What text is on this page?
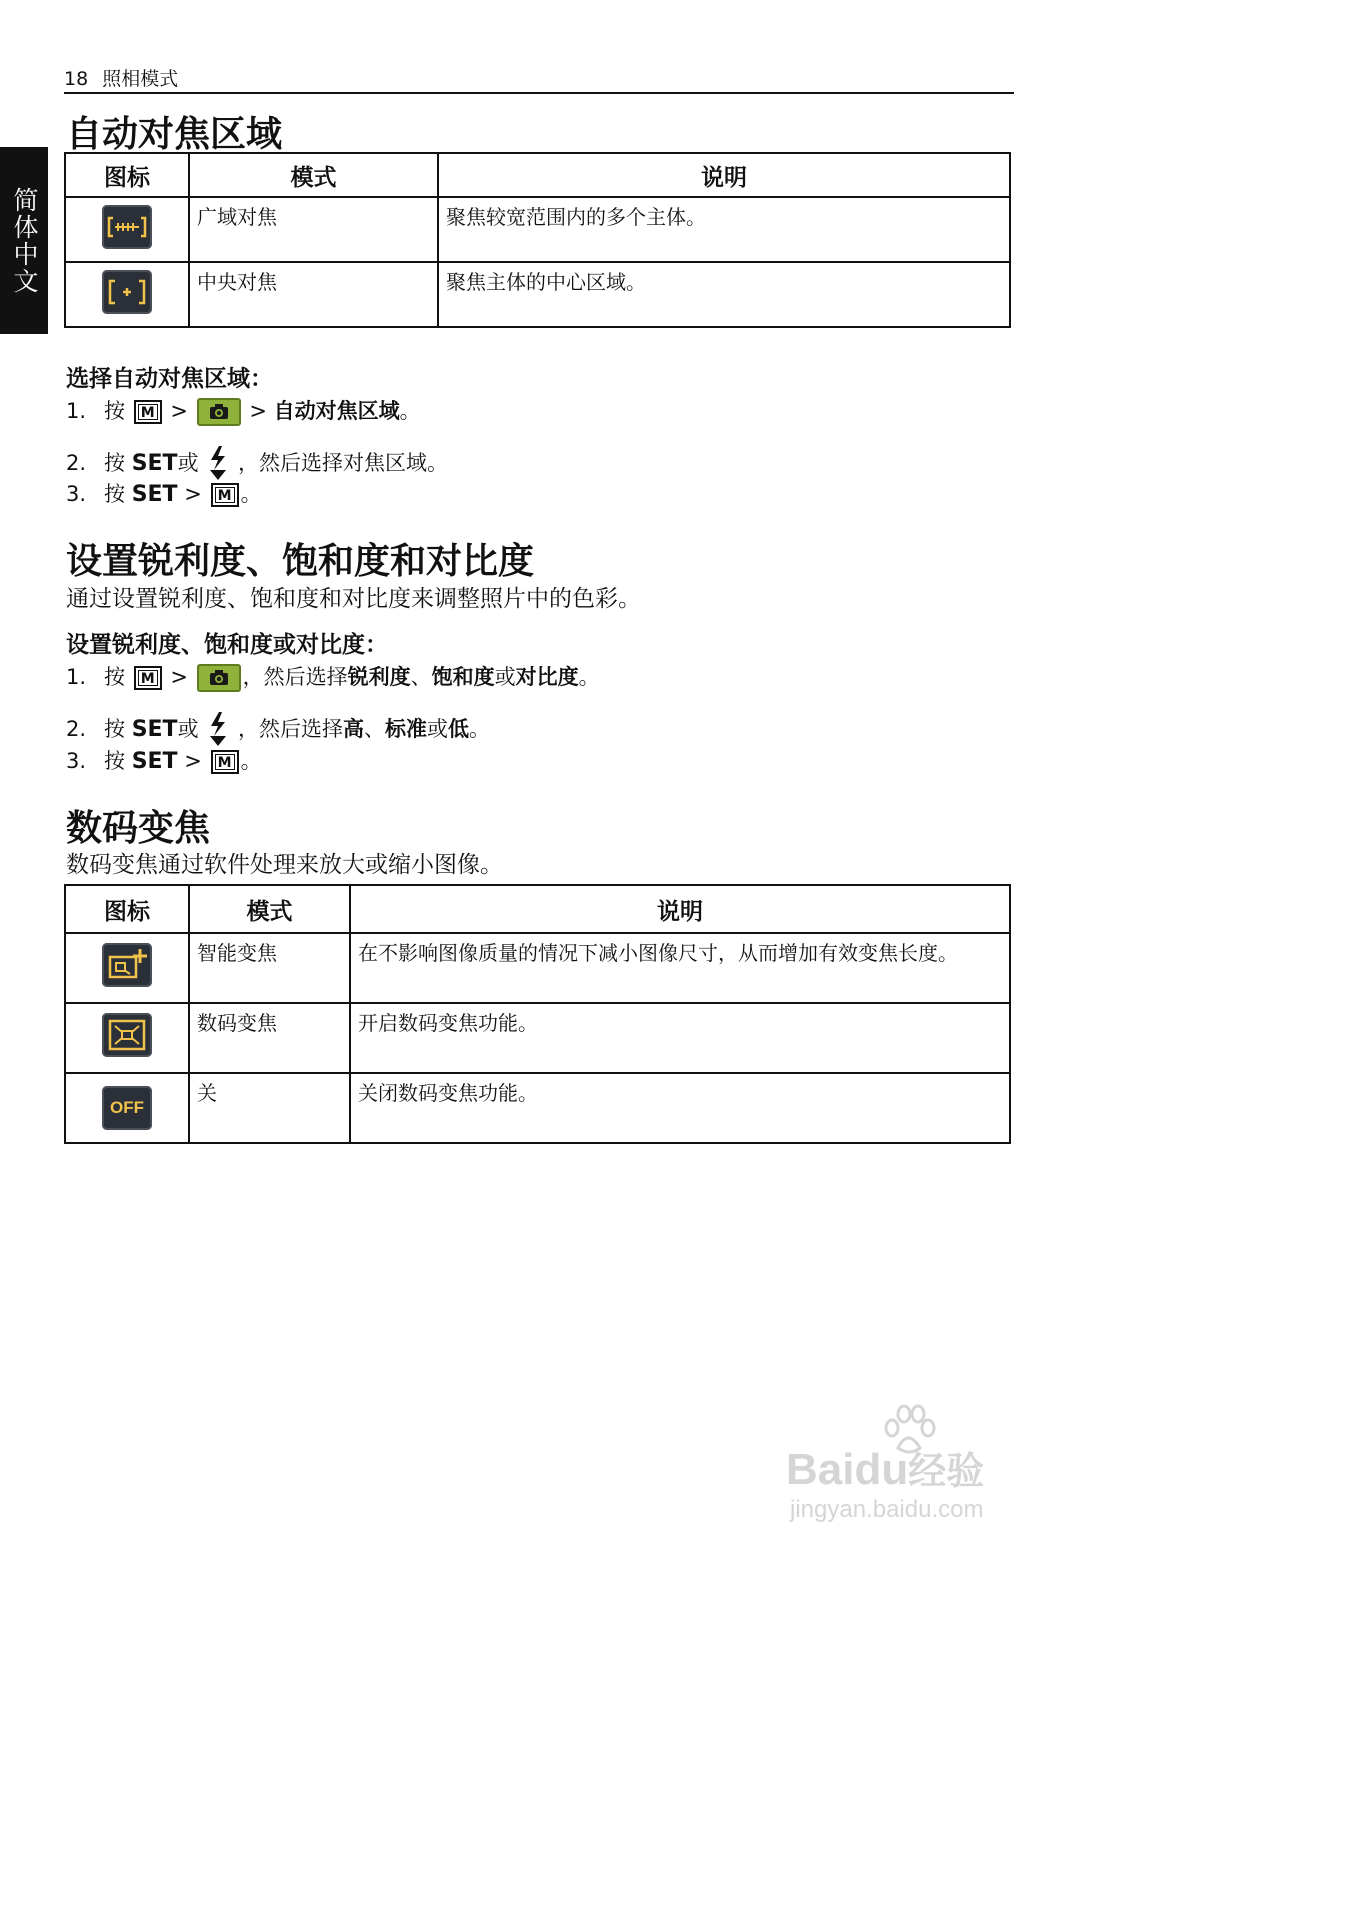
18 照相模式
简体中文
自动对焦区域
图标	模式	说明

	广域对焦	聚焦较宽范围内的多个主体。

	中央对焦	聚焦主体的中心区域。
选择自动对焦区域：
1. 按 M >	> 自动对焦区域。
2. 按 SET或 ，然后选择对焦区域。
3. 按 SET > M 。
设置锐利度、饱和度和对比度
通过设置锐利度、饱和度和对比度来调整照片中的色彩。
设置锐利度、饱和度或对比度：
1. 按 M >	，然后选择锐利度、饱和度或对比度。
2. 按 SET或 ，然后选择高、标准或低。
3. 按 SET > M 。
数码变焦
数码变焦通过软件处理来放大或缩小图像。
图标	模式	说明

	智能变焦	在不影响图像质量的情况下减小图像尺寸，从而增加有效变焦长度。

	数码变焦	开启数码变焦功能。
OFF	关	关闭数码变焦功能。
Baidu经验
jingyan.baidu.com
